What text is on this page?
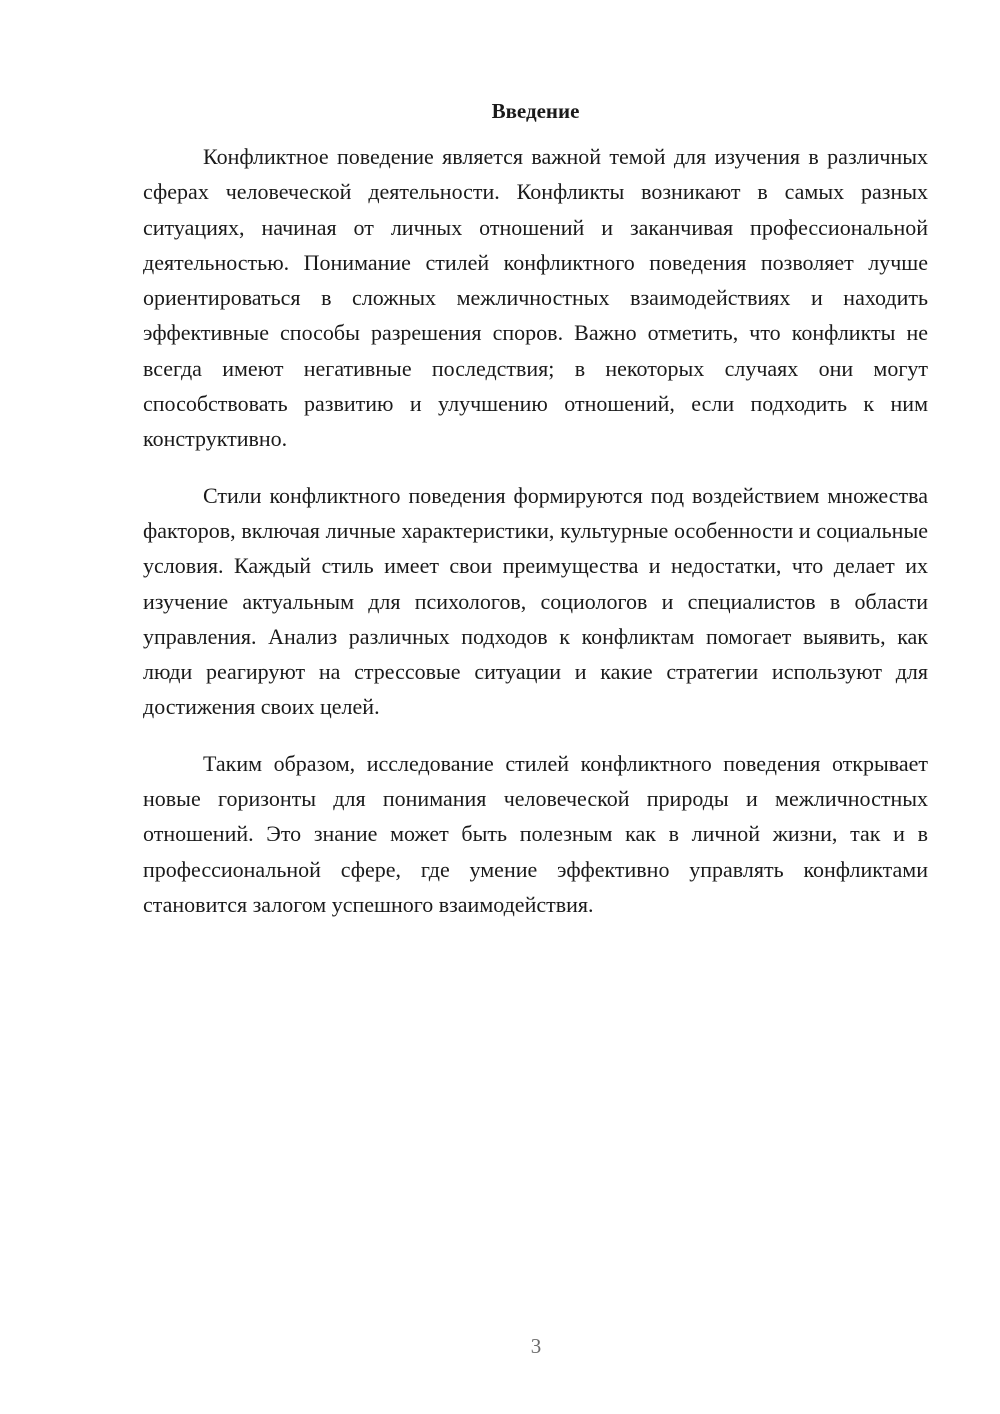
Введение

Конфликтное поведение является важной темой для изучения в различных сферах человеческой деятельности. Конфликты возникают в самых разных ситуациях, начиная от личных отношений и заканчивая профессиональной деятельностью. Понимание стилей конфликтного поведения позволяет лучше ориентироваться в сложных межличностных взаимодействиях и находить эффективные способы разрешения споров. Важно отметить, что конфликты не всегда имеют негативные последствия; в некоторых случаях они могут способствовать развитию и улучшению отношений, если подходить к ним конструктивно.

Стили конфликтного поведения формируются под воздействием множества факторов, включая личные характеристики, культурные особенности и социальные условия. Каждый стиль имеет свои преимущества и недостатки, что делает их изучение актуальным для психологов, социологов и специалистов в области управления. Анализ различных подходов к конфликтам помогает выявить, как люди реагируют на стрессовые ситуации и какие стратегии используют для достижения своих целей.

Таким образом, исследование стилей конфликтного поведения открывает новые горизонты для понимания человеческой природы и межличностных отношений. Это знание может быть полезным как в личной жизни, так и в профессиональной сфере, где умение эффективно управлять конфликтами становится залогом успешного взаимодействия.

3
